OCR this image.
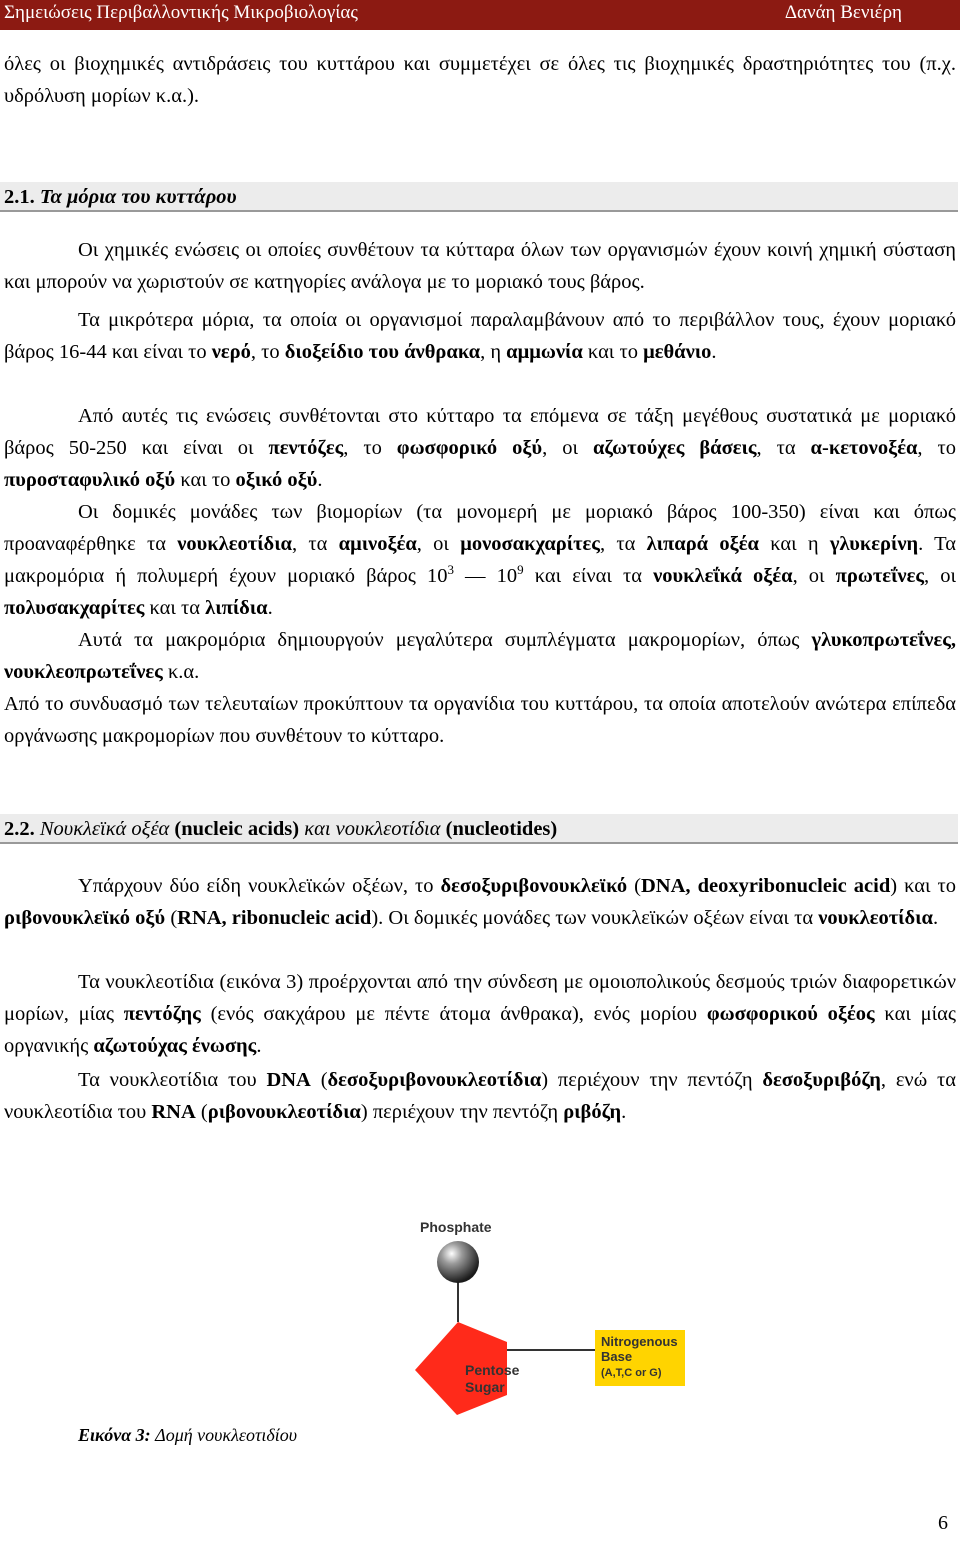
Σημειώσεις Περιβαλλοντικής Μικροβιολογίας	Δανάη Βενιέρη

όλες οι βιοχημικές αντιδράσεις του κυττάρου και συμμετέχει σε όλες τις βιοχημικές δραστηριότητες του (π.χ. υδρόλυση μορίων κ.α.).

2.1. Τα μόρια του κυττάρου

Οι χημικές ενώσεις οι οποίες συνθέτουν τα κύτταρα όλων των οργανισμών έχουν κοινή χημική σύσταση και μπορούν να χωριστούν σε κατηγορίες ανάλογα με το μοριακό τους βάρος.

Τα μικρότερα μόρια, τα οποία οι οργανισμοί παραλαμβάνουν από το περιβάλλον τους, έχουν μοριακό βάρος 16-44 και είναι το νερό, το διοξείδιο του άνθρακα, η αμμωνία και το μεθάνιο.

Από αυτές τις ενώσεις συνθέτονται στο κύτταρο τα επόμενα σε τάξη μεγέθους συστατικά με μοριακό βάρος 50-250 και είναι οι πεντόζες, το φωσφορικό οξύ, οι αζωτούχες βάσεις, τα α-κετονοξέα, το πυροσταφυλικό οξύ και το οξικό οξύ.

Οι δομικές μονάδες των βιομορίων (τα μονομερή με μοριακό βάρος 100-350) είναι και όπως προαναφέρθηκε τα νουκλεοτίδια, τα αμινοξέα, οι μονοσακχαρίτες, τα λιπαρά οξέα και η γλυκερίνη. Τα μακρομόρια ή πολυμερή έχουν μοριακό βάρος $10^3$ — $10^9$ και είναι τα νουκλεΐκά οξέα, οι πρωτεΐνες, οι πολυσακχαρίτες και τα λιπίδια.

Αυτά τα μακρομόρια δημιουργούν μεγαλύτερα συμπλέγματα μακρομορίων, όπως γλυκοπρωτεΐνες, νουκλεοπρωτεΐνες κ.α.

Από το συνδυασμό των τελευταίων προκύπτουν τα οργανίδια του κυττάρου, τα οποία αποτελούν ανώτερα επίπεδα οργάνωσης μακρομορίων που συνθέτουν το κύτταρο.

2.2. Νουκλεϊκά οξέα (nucleic acids) και νουκλεοτίδια (nucleotides)

Υπάρχουν δύο είδη νουκλεϊκών οξέων, το δεσοξυριβονουκλεϊκό (DNA, deoxyribonucleic acid) και το ριβονουκλεϊκό οξύ (RNA, ribonucleic acid). Οι δομικές μονάδες των νουκλεϊκών οξέων είναι τα νουκλεοτίδια.

Τα νουκλεοτίδια (εικόνα 3) προέρχονται από την σύνδεση με ομοιοπολικούς δεσμούς τριών διαφορετικών μορίων, μίας πεντόζης (ενός σακχάρου με πέντε άτομα άνθρακα), ενός μορίου φωσφορικού οξέος και μίας οργανικής αζωτούχας ένωσης.

Τα νουκλεοτίδια του DNA (δεσοξυριβονουκλεοτίδια) περιέχουν την πεντόζη δεσοξυριβόζη, ενώ τα νουκλεοτίδια του RNA (ριβονουκλεοτίδια) περιέχουν την πεντόζη ριβόζη.

Phosphate
Pentose
Sugar
Nitrogenous
Base
(A,T,C or G)
Εικόνα 3: Δομή νουκλεοτιδίου
6
